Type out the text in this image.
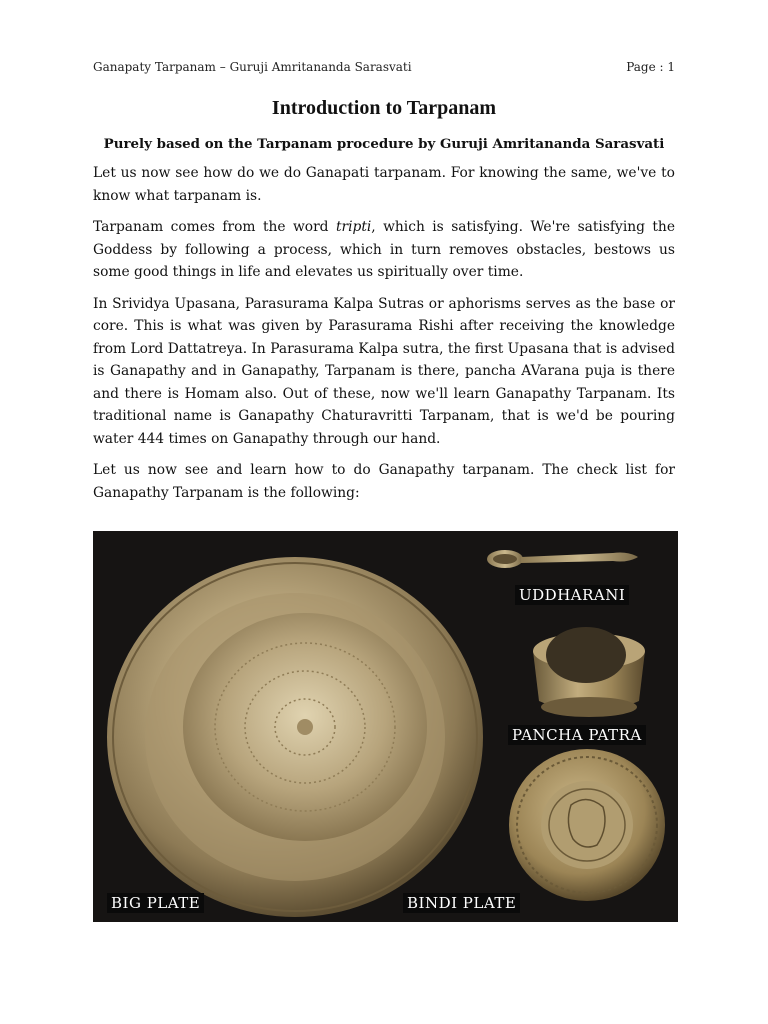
Ganapaty Tarpanam – Guruji Amritananda Sarasvati	Page : 1
Introduction to Tarpanam
Purely based on the Tarpanam procedure by Guruji Amritananda Sarasvati

Let us now see how do we do Ganapati tarpanam. For knowing the same, we've to know what tarpanam is.

Tarpanam comes from the word tripti, which is satisfying. We're satisfying the Goddess by following a process, which in turn removes obstacles, bestows us some good things in life and elevates us spiritually over time.

In Srividya Upasana, Parasurama Kalpa Sutras or aphorisms serves as the base or core. This is what was given by Parasurama Rishi after receiving the knowledge from Lord Dattatreya. In Parasurama Kalpa sutra, the first Upasana that is advised is Ganapathy and in Ganapathy, Tarpanam is there, pancha AVarana puja is there and there is Homam also. Out of these, now we'll learn Ganapathy Tarpanam. Its traditional name is Ganapathy Chaturavritti Tarpanam, that is we'd be pouring water 444 times on Ganapathy through our hand.

Let us now see and learn how to do Ganapathy tarpanam. The check list for Ganapathy Tarpanam is the following:

UDDHARANI
PANCHA PATRA
BIG PLATE	BINDI PLATE
